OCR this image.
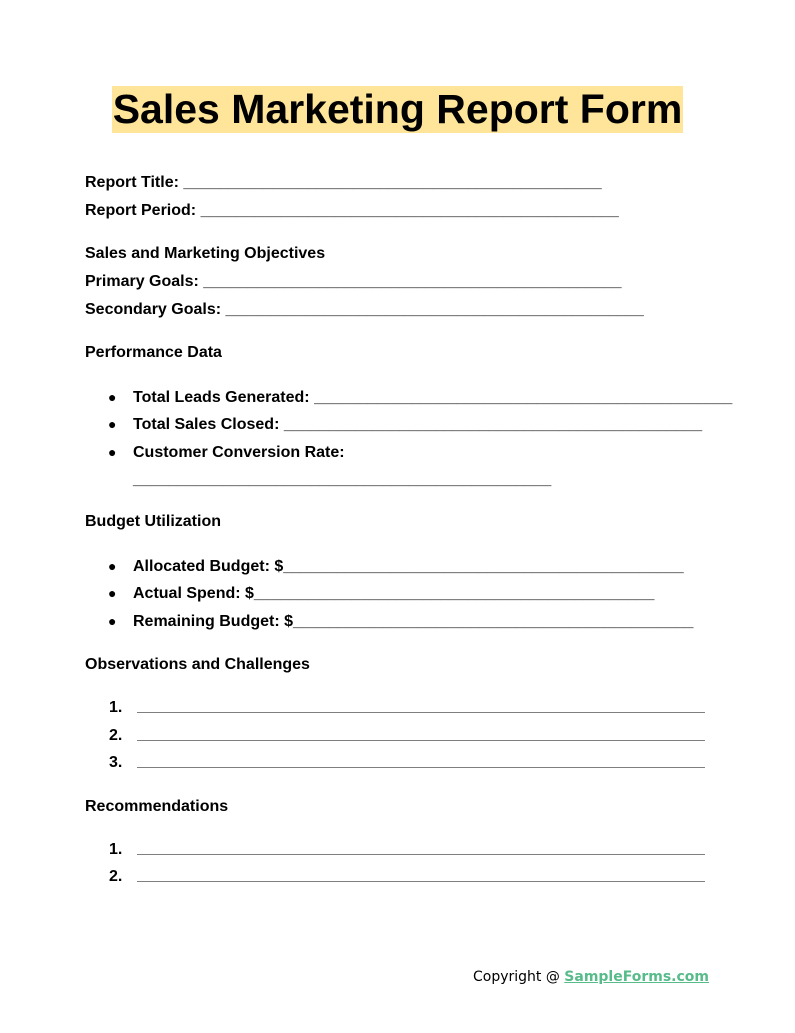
Sales Marketing Report Form
Report Title: _______________________________________________
Report Period: _______________________________________________
Sales and Marketing Objectives
Primary Goals: _______________________________________________
Secondary Goals: _______________________________________________
Performance Data
● Total Leads Generated: _______________________________________________
● Total Sales Closed: _______________________________________________
● Customer Conversion Rate:
_______________________________________________
Budget Utilization
● Allocated Budget: $_____________________________________________
● Actual Spend: $_____________________________________________
● Remaining Budget: $_____________________________________________
Observations and Challenges
1.
2.
3.
Recommendations
1.
2.
Copyright @ SampleForms.com
